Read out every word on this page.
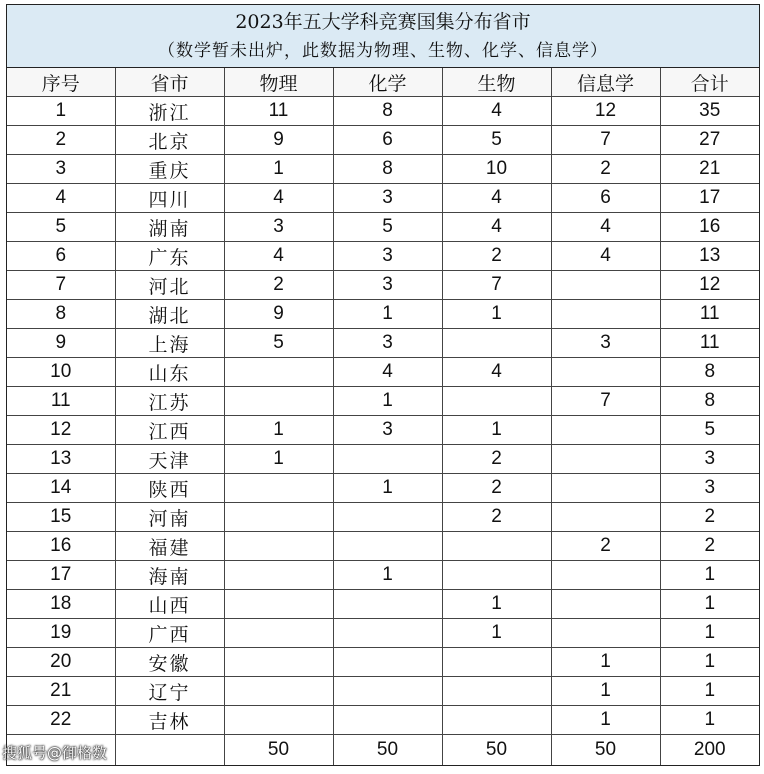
2023年五大学科竞赛国集分布省市
（数学暂未出炉，此数据为物理、生物、化学、信息学）
序号	省市	物理	化学	生物	信息学	合计
1	浙江	11	8	4	12	35
2	北京	9	6	5	7	27
3	重庆	1	8	10	2	21
4	四川	4	3	4	6	17
5	湖南	3	5	4	4	16
6	广东	4	3	2	4	13
7	河北	2	3	7		12
8	湖北	9	1	1		11
9	上海	5	3		3	11
10	山东		4	4		8
11	江苏		1		7	8
12	江西	1	3	1		5
13	天津	1		2		3
14	陕西		1	2		3
15	河南			2		2
16	福建				2	2
17	海南		1			1
18	山西			1		1
19	广西			1		1
20	安徽				1	1
21	辽宁				1	1
22	吉林				1	1
		50	50	50	50	200
搜狐号@御格数
